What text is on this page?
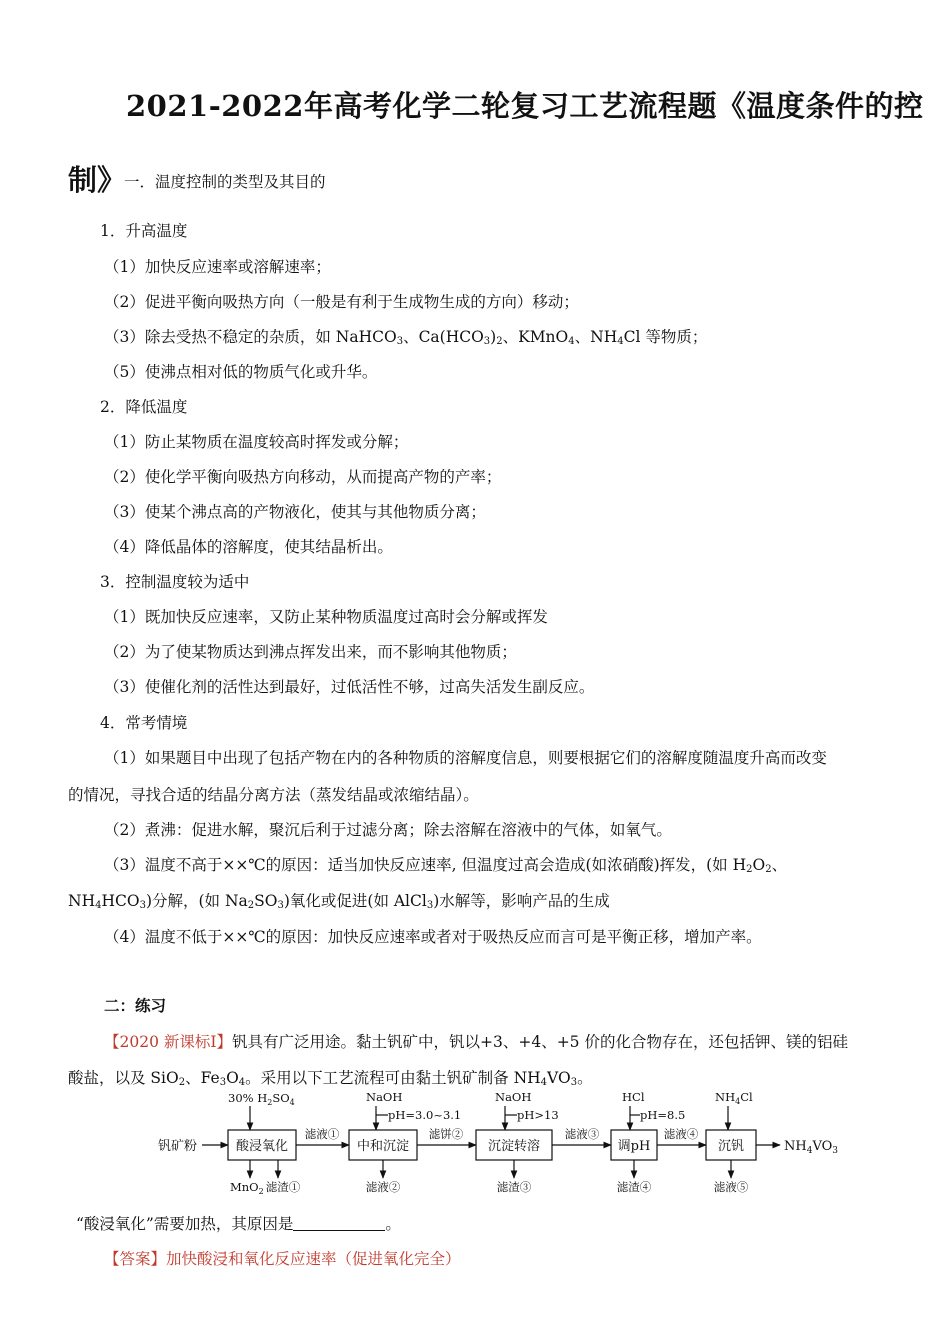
2021-2022年高考化学二轮复习工艺流程题《温度条件的控
制》
一．温度控制的类型及其目的
1．升高温度
（1）加快反应速率或溶解速率；
（2）促进平衡向吸热方向（一般是有利于生成物生成的方向）移动；
（3）除去受热不稳定的杂质，如 NaHCO$_3$、$Ca(HCO_3)_2$、KMnO$_4$、$NH_4Cl$ 等物质；
（5）使沸点相对低的物质气化或升华。
2．降低温度
（1）防止某物质在温度较高时挥发或分解；
（2）使化学平衡向吸热方向移动，从而提高产物的产率；
（3）使某个沸点高的产物液化，使其与其他物质分离；
（4）降低晶体的溶解度，使其结晶析出。
3．控制温度较为适中
（1）既加快反应速率，又防止某种物质温度过高时会分解或挥发
（2）为了使某物质达到沸点挥发出来，而不影响其他物质；
（3）使催化剂的活性达到最好，过低活性不够，过高失活发生副反应。
4．常考情境
（1）如果题目中出现了包括产物在内的各种物质的溶解度信息，则要根据它们的溶解度随温度升高而改变
的情况，寻找合适的结晶分离方法（蒸发结晶或浓缩结晶）。
（2）煮沸：促进水解，聚沉后利于过滤分离；除去溶解在溶液中的气体，如氧气。
（3）温度不高于××℃的原因：适当加快反应速率, 但温度过高会造成(如浓硝酸)挥发，(如 $H_2O_2$、
$NH_4HCO_3$)分解，(如 $Na_2SO_3$)氧化或促进(如 AlCl$_3$)水解等，影响产品的生成
（4）温度不低于××℃的原因：加快反应速率或者对于吸热反应而言可是平衡正移，增加产率。
二：练习
【2020 新课标Ⅰ】钒具有广泛用途。黏土钒矿中，钒以+3、+4、+5 价的化合物存在，还包括钾、镁的铝硅
酸盐，以及 SiO$_2$、$Fe_3O_4$。采用以下工艺流程可由黏土钒矿制备 $NH_4VO_3$。
钒矿粉	酸浸氧化	中和沉淀	沉淀转溶	调pH	沉钒	$NH_4VO_3$
30% $H_2SO_4$	NaOH
pH=3.0~3.1
NaOH
pH>13
HCl
pH=8.5
$NH_4Cl$
滤液①	滤饼②	滤液③	滤液④
MnO$_2$ 滤渣①	滤液②	滤渣③	滤渣④	滤液⑤
“酸浸氧化”需要加热，其原因是	。
【答案】加快酸浸和氧化反应速率（促进氧化完全）
